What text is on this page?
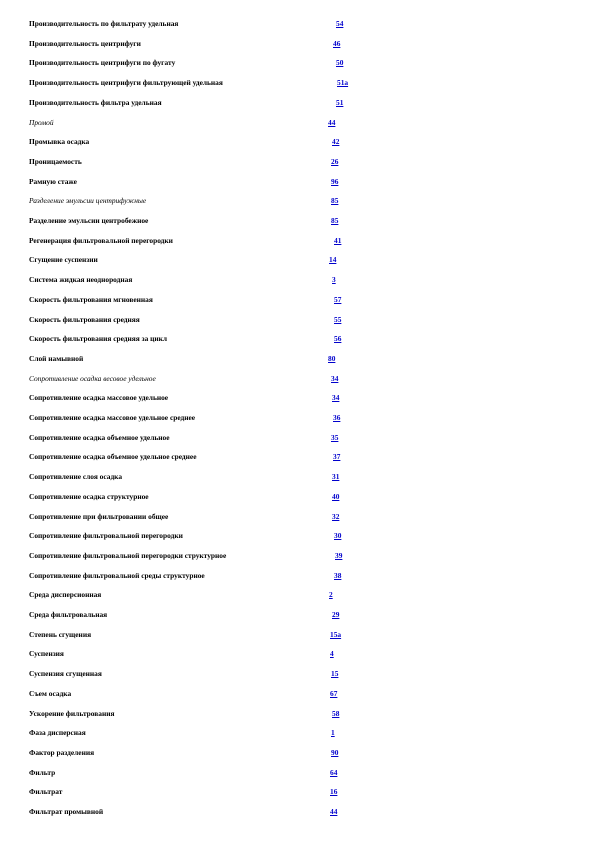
Производительность по фильтрату удельная	54
Производительность центрифуги	46
Производительность центрифуги по фугату	50
Производительность центрифуги фильтрующей удельная	51a
Производительность фильтра удельная	51
Промой	44
Промывка осадка	42
Проницаемость	26
Рамную стаже	96
Разделение эмульсии центрифужные	85
Разделение эмульсии центробежное	85
Регенерация фильтровальной перегородки	41
Сгущение суспензии	14
Система жидкая неоднородная	3
Скорость фильтрования мгновенная	57
Скорость фильтрования средняя	55
Скорость фильтрования средняя за цикл	56
Слой намывной	80
Сопротивление осадка весовое удельное	34
Сопротивление осадка массовое удельное	34
Сопротивление осадка массовое удельное среднее	36
Сопротивление осадка объемное удельное	35
Сопротивление осадка объемное удельное среднее	37
Сопротивление слоя осадка	31
Сопротивление осадка структурное	40
Сопротивление при фильтровании общее	32
Сопротивление фильтровальной перегородки	30
Сопротивление фильтровальной перегородки структурное	39
Сопротивление фильтровальной среды структурное	38
Среда дисперсионная	2
Среда фильтровальная	29
Степень сгущения	15a
Суспензия	4
Суспензия сгущенная	15
Съем осадка	67
Ускорение фильтрования	58
Фаза дисперсная	1
Фактор разделения	90
Фильтр	64
Фильтрат	16
Фильтрат промывной	44
